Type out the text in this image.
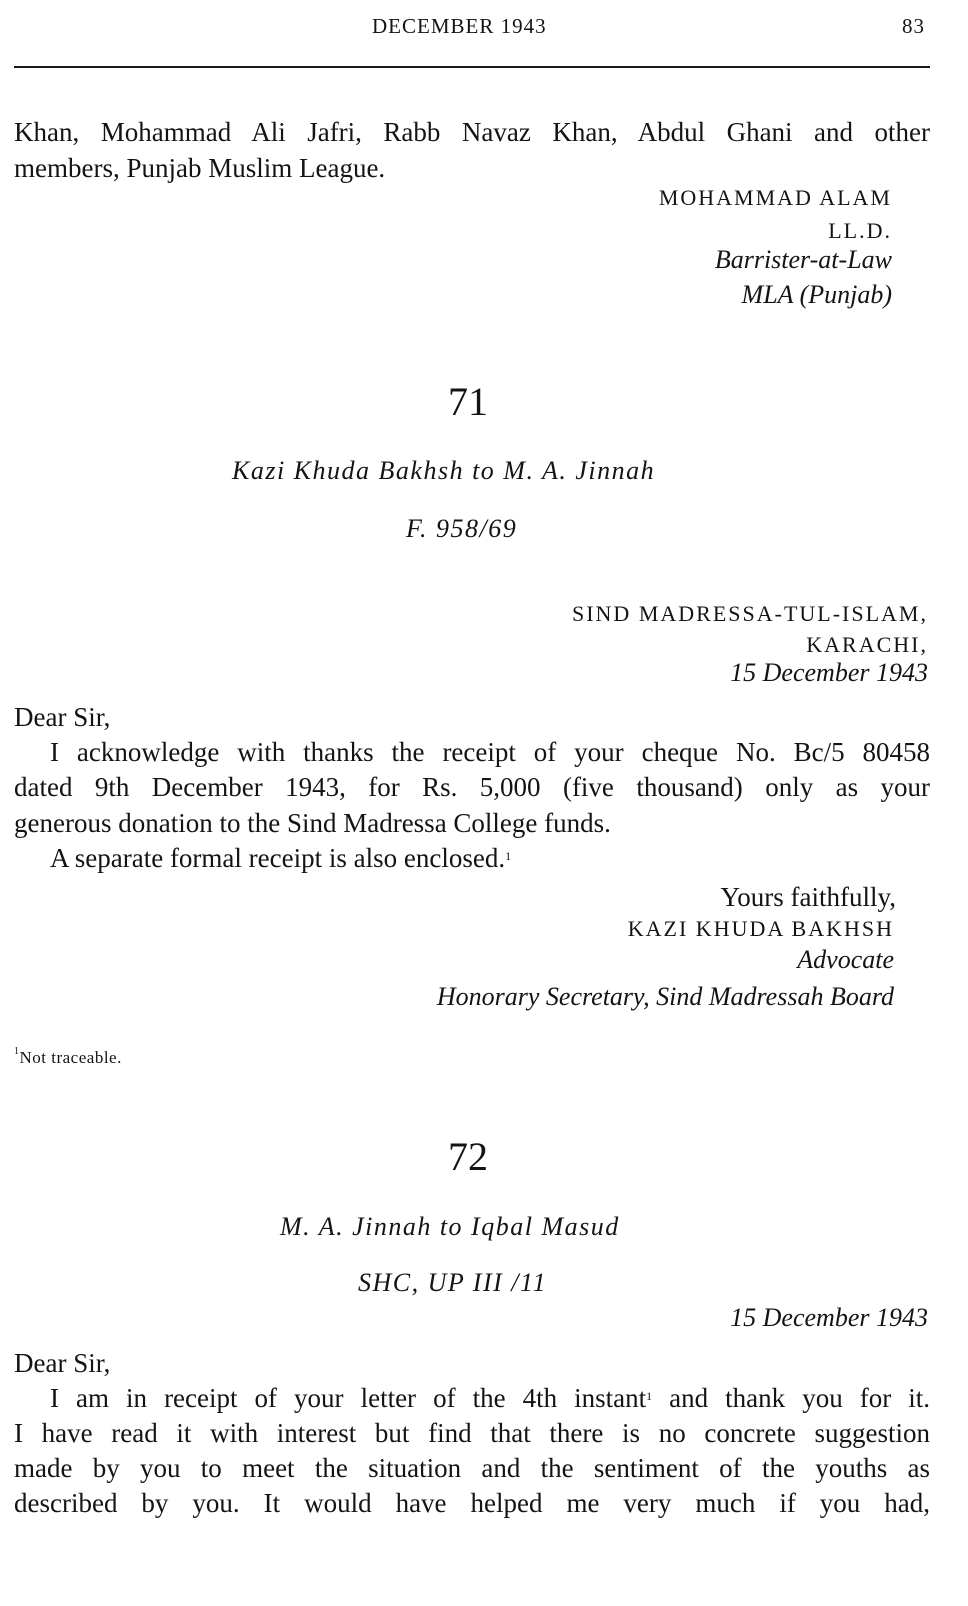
DECEMBER 1943	83
Khan, Mohammad Ali Jafri, Rabb Navaz Khan, Abdul Ghani and other
members, Punjab Muslim League.
MOHAMMAD ALAM
LL.D.
Barrister-at-Law
MLA (Punjab)
71
Kazi Khuda Bakhsh to M. A. Jinnah
F. 958/69
SIND MADRESSA-TUL-ISLAM,
KARACHI,
15 December 1943
Dear Sir,
I acknowledge with thanks the receipt of your cheque No. Bc/5 80458
dated 9th December 1943, for Rs. 5,000 (five thousand) only as your
generous donation to the Sind Madressa College funds.
A separate formal receipt is also enclosed.$^1$
Yours faithfully,
KAZI KHUDA BAKHSH
Advocate
Honorary Secretary, Sind Madressah Board
$^1$Not traceable.
72
M. A. Jinnah to Iqbal Masud
SHC, UP III /11
15 December 1943
Dear Sir,
I am in receipt of your letter of the 4th instant$^1$ and thank you for it.
I have read it with interest but find that there is no concrete suggestion
made by you to meet the situation and the sentiment of the youths as
described by you. It would have helped me very much if you had,
